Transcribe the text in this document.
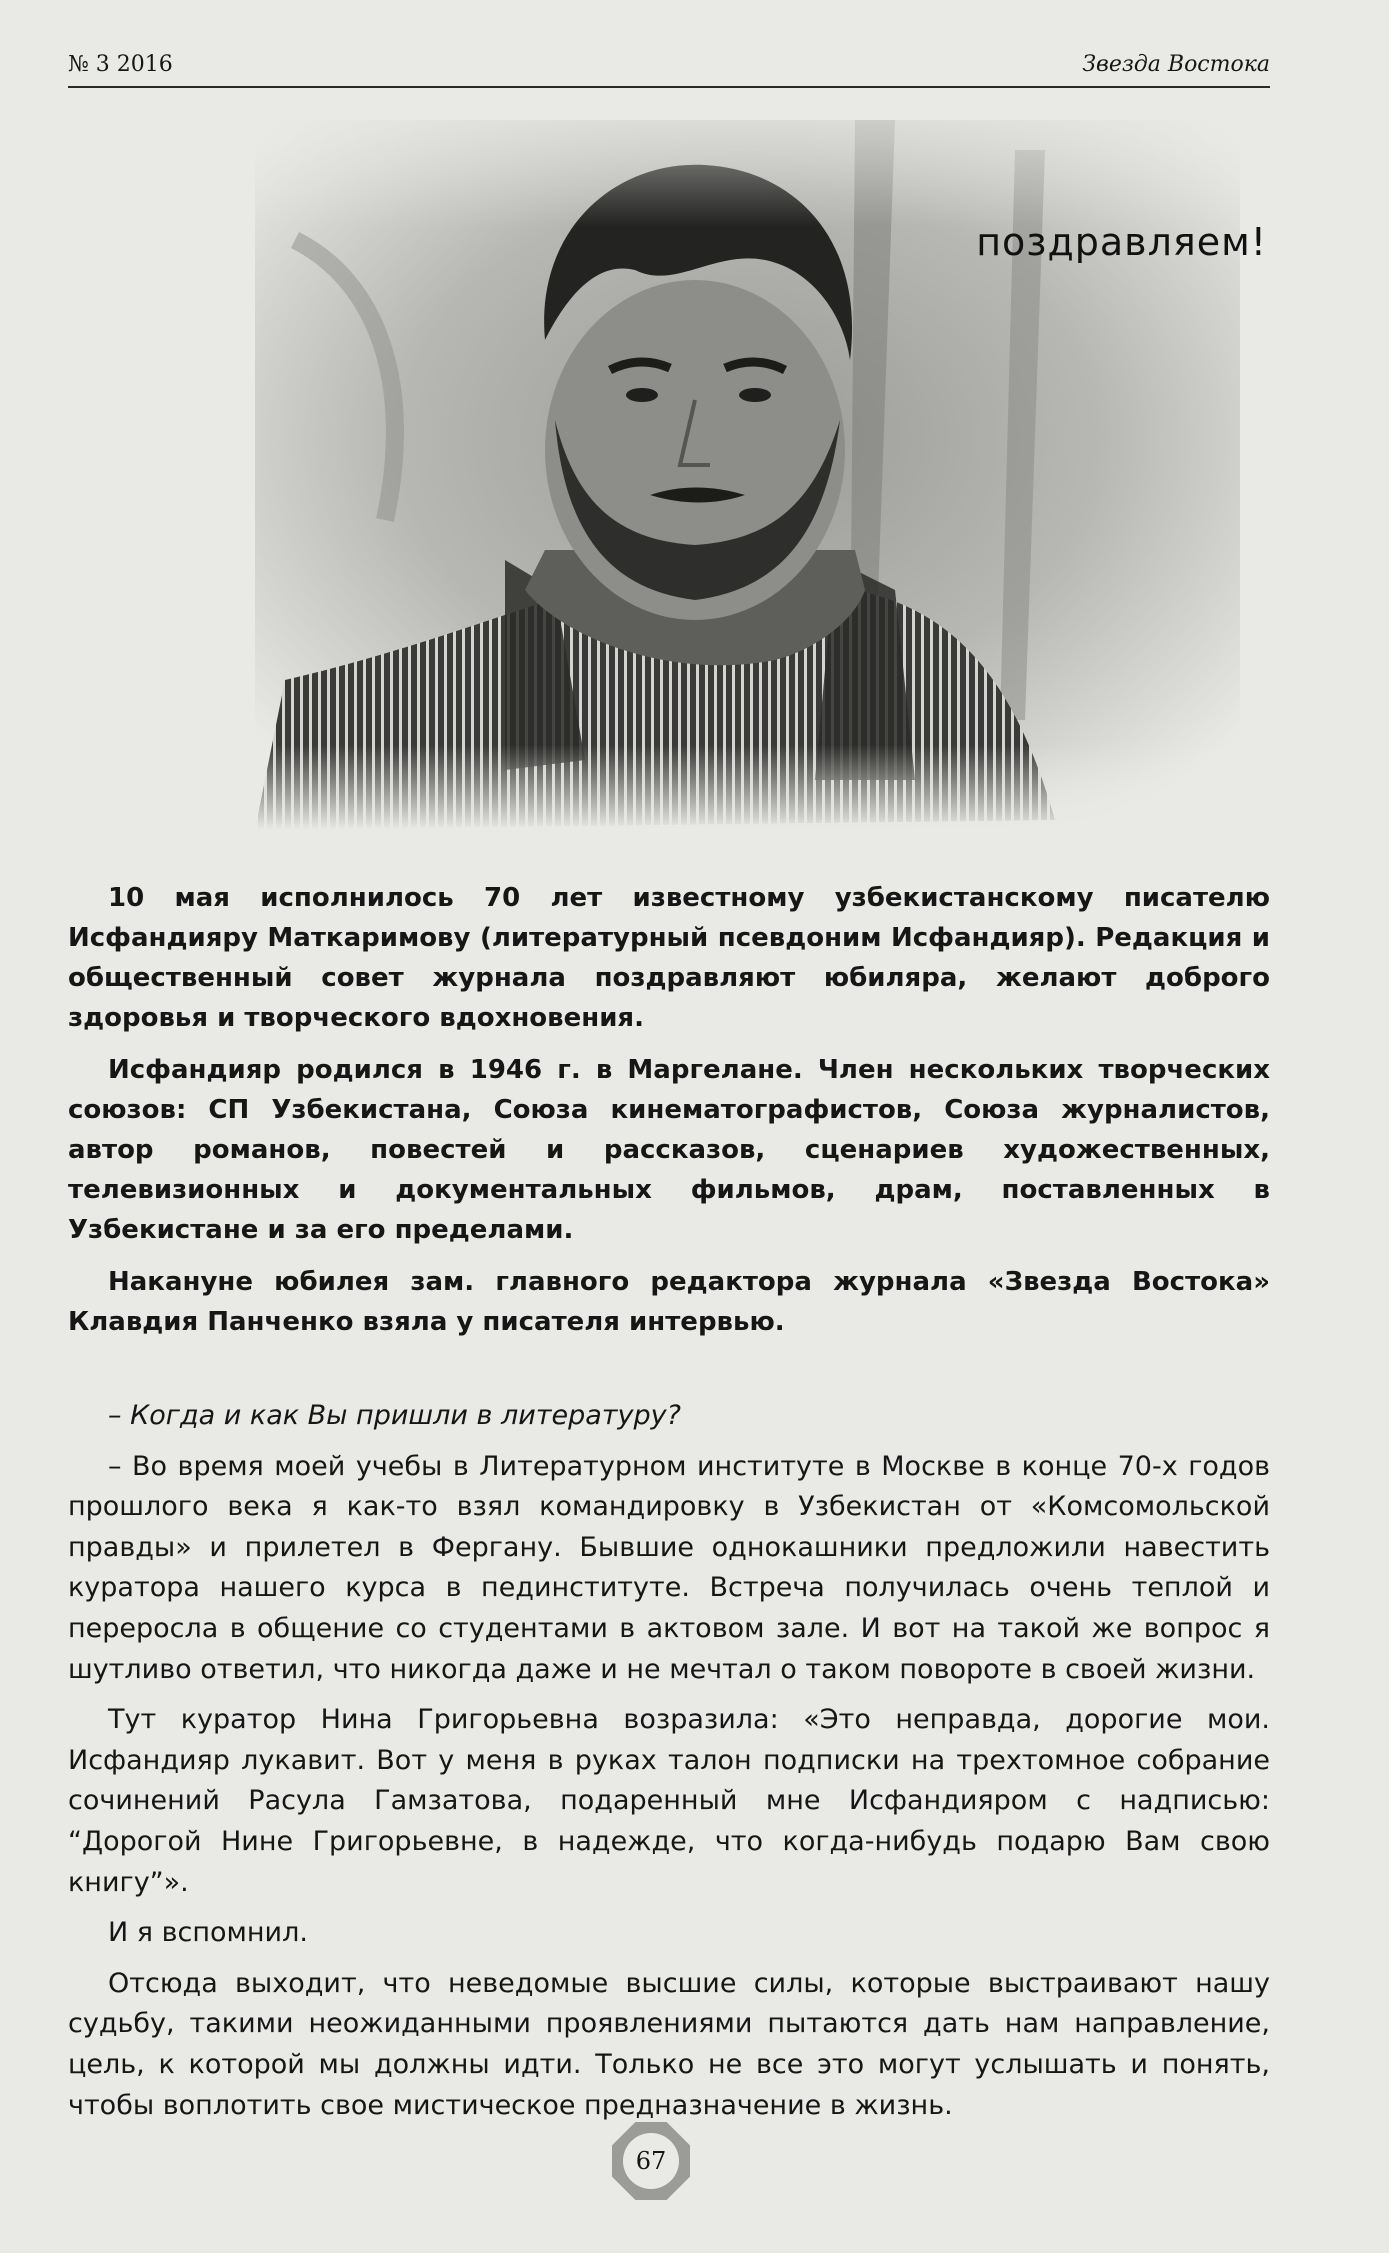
№ 3 2016	Звезда Востока
поздравляем!

10 мая исполнилось 70 лет известному узбекистанскому писателю Исфандияру Маткаримову (литературный псевдоним Исфандияр). Редакция и общественный совет журнала поздравляют юбиляра, желают доброго здоровья и творческого вдохновения.

Исфандияр родился в 1946 г. в Маргелане. Член нескольких творческих союзов: СП Узбекистана, Союза кинематографистов, Союза журналистов, автор романов, повестей и рассказов, сценариев художественных, телевизионных и документальных фильмов, драм, поставленных в Узбекистане и за его пределами.

Накануне юбилея зам. главного редактора журнала «Звезда Востока» Клавдия Панченко взяла у писателя интервью.

– Когда и как Вы пришли в литературу?

– Во время моей учебы в Литературном институте в Москве в конце 70-х годов прошлого века я как-то взял командировку в Узбекистан от «Комсомольской правды» и прилетел в Фергану. Бывшие однокашники предложили навестить куратора нашего курса в пединституте. Встреча получилась очень теплой и переросла в общение со студентами в актовом зале. И вот на такой же вопрос я шутливо ответил, что никогда даже и не мечтал о таком повороте в своей жизни.

Тут куратор Нина Григорьевна возразила: «Это неправда, дорогие мои. Исфандияр лукавит. Вот у меня в руках талон подписки на трехтомное собрание сочинений Расула Гамзатова, подаренный мне Исфандияром с надписью: “Дорогой Нине Григорьевне, в надежде, что когда-нибудь подарю Вам свою книгу”».

И я вспомнил.

Отсюда выходит, что неведомые высшие силы, которые выстраивают нашу судьбу, такими неожиданными проявлениями пытаются дать нам направление, цель, к которой мы должны идти. Только не все это могут услышать и понять, чтобы воплотить свое мистическое предназначение в жизнь.

67
